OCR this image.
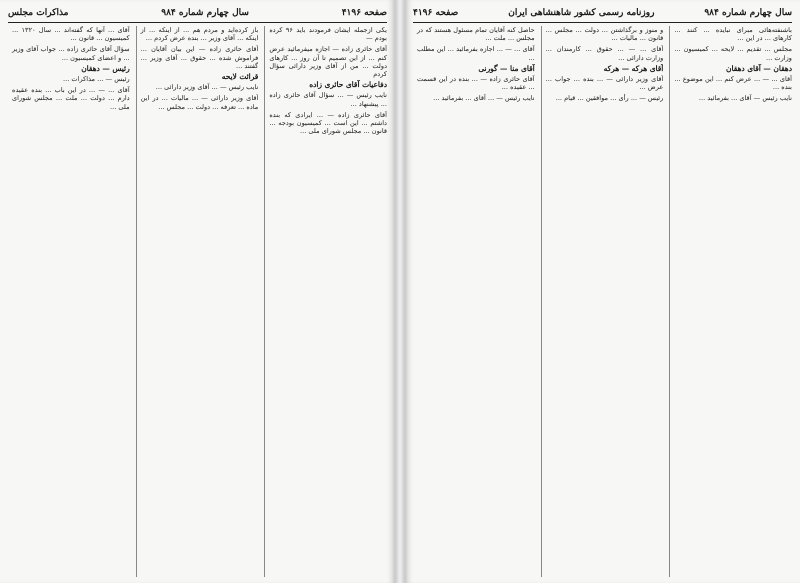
صفحه ۴۱۹۶
سال چهارم شماره ۹۸۴
مذاکرات مجلس

یکی ازجمله ایشان فرمودند باید ۹۶ کرده بودم —

آقای حائری زاده — اجازه میفرمائید عرض کنم ... از این تصمیم تا آن روز ... کارهای دولت ... من از آقای وزیر دارائی سؤال کردم

دفاعیات آقای حائری زاده

نایب رئیس — ... سؤال آقای حائری زاده ... پیشنهاد ...

آقای حائری زاده — ... ایرادی که بنده داشتم ... این است ... کمیسیون بودجه ... قانون ... مجلس شورای ملی ...

باز کرده‌اید و مردم هم ... از اینکه ... از اینکه ... آقای وزیر ... بنده عرض کردم ...

آقای حائری زاده — این بیان آقایان ... فراموش شده ... حقوق ... آقای وزیر ... گفتند ...

قرائت لایحه

نایب رئیس — ... آقای وزیر دارائی ...

آقای وزیر دارائی — ... مالیات ... در این ماده ... تعرفه ... دولت ... مجلس ...

آقای ... آنها که گفته‌اند ... سال ۱۳۲۰ ... کمیسیون ... قانون ...

سؤال آقای حائری زاده ... جواب آقای وزیر ... و اعضای کمیسیون ...

رئیس — دهقان

رئیس — ... مذاکرات ...

آقای ... — ... در این باب ... بنده عقیده دارم ... دولت ... ملت ... مجلس شورای ملی ...

سال چهارم شماره ۹۸۴
روزنامه رسمی کشور شاهنشاهی ایران
صفحه ۴۱۹۶

باشنفته‌هائی مبرای نبایده ... کنند ... کارهای ... در این ...

مجلس ... تقدیم ... لایحه ... کمیسیون ... وزارت ...

دهقان — آقای دهقان

آقای ... — ... عرض کنم ... این موضوع ... بنده ...

نایب رئیس — آقای ... بفرمائید ...

و منوز و برگذاشتن ... دولت ... مجلس ... قانون ... مالیات ...

آقای ... — ... حقوق ... کارمندان ... وزارت دارائی ...

آقای هرکه — هرکه

آقای وزیر دارائی — ... بنده ... جواب ... عرض ...

رئیس — ... رأی ... موافقین ... قیام ...

حاصل کنه آقایان تمام مسئول هستند که در مجلس ... ملت ...

آقای ... — ... اجازه بفرمائید ... این مطلب ...

آقای منا — گورنی

آقای حائری زاده — ... بنده در این قسمت ... عقیده ...

نایب رئیس — ... آقای ... بفرمائید ...
